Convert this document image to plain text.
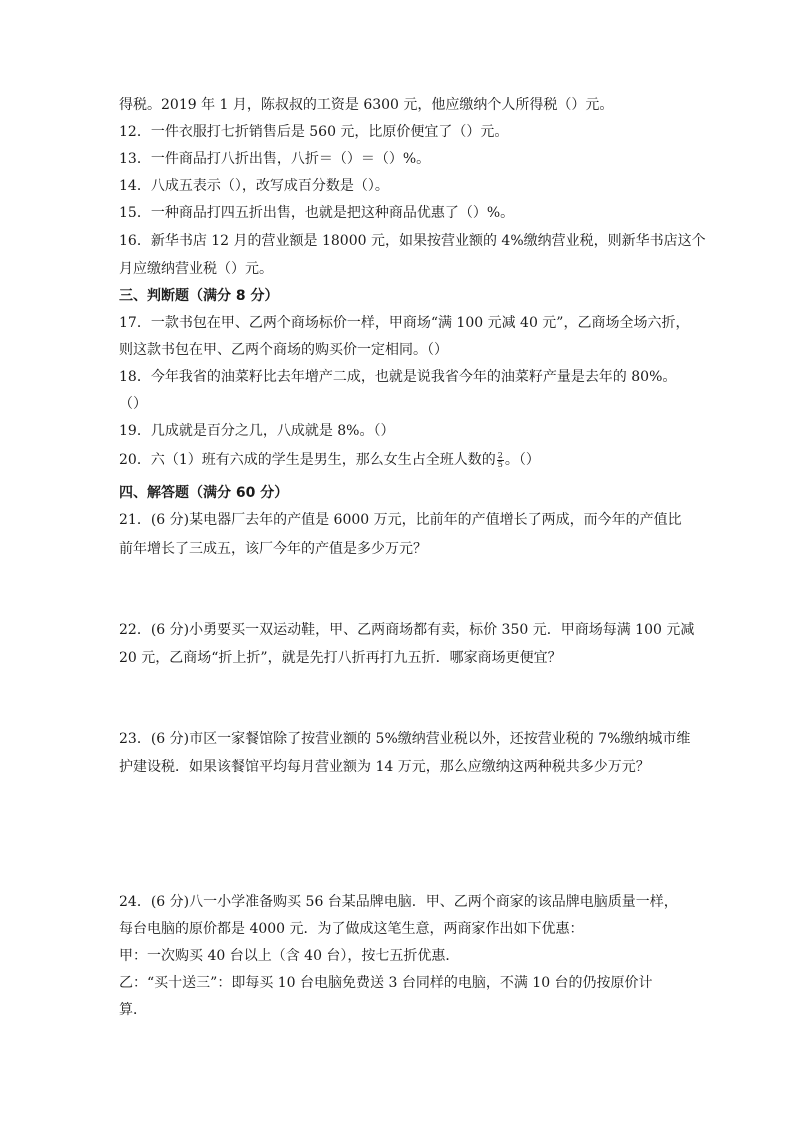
得税。2019 年 1 月，陈叔叔的工资是 6300 元，他应缴纳个人所得税（）元。
12．一件衣服打七折销售后是 560 元，比原价便宜了（）元。
13．一件商品打八折出售，八折＝（）＝（）%。
14．八成五表示（），改写成百分数是（）。
15．一种商品打四五折出售，也就是把这种商品优惠了（）%。
16．新华书店 12 月的营业额是 18000 元，如果按营业额的 4%缴纳营业税，则新华书店这个
月应缴纳营业税（）元。
三、判断题（满分 8 分）
17．一款书包在甲、乙两个商场标价一样，甲商场“满 100 元减 40 元”，乙商场全场六折，
则这款书包在甲、乙两个商场的购买价一定相同。（）
18．今年我省的油菜籽比去年增产二成，也就是说我省今年的油菜籽产量是去年的 80%。
（）
19．几成就是百分之几，八成就是 8%。（）
20．六（1）班有六成的学生是男生，那么女生占全班人数的 $\frac{2}{5}$ 。（）
四、解答题（满分 60 分）
21．(6 分)某电器厂去年的产值是 6000 万元，比前年的产值增长了两成，而今年的产值比
前年增长了三成五，该厂今年的产值是多少万元？
22．(6 分)小勇要买一双运动鞋，甲、乙两商场都有卖，标价 350 元．甲商场每满 100 元减
20 元，乙商场“折上折”，就是先打八折再打九五折．哪家商场更便宜？
23．(6 分)市区一家餐馆除了按营业额的 5%缴纳营业税以外，还按营业税的 7%缴纳城市维
护建设税．如果该餐馆平均每月营业额为 14 万元，那么应缴纳这两种税共多少万元？
24．(6 分)八一小学准备购买 56 台某品牌电脑．甲、乙两个商家的该品牌电脑质量一样，
每台电脑的原价都是 4000 元．为了做成这笔生意，两商家作出如下优惠：
甲：一次购买 40 台以上（含 40 台），按七五折优惠．
乙：“买十送三”：即每买 10 台电脑免费送 3 台同样的电脑，不满 10 台的仍按原价计
算．
